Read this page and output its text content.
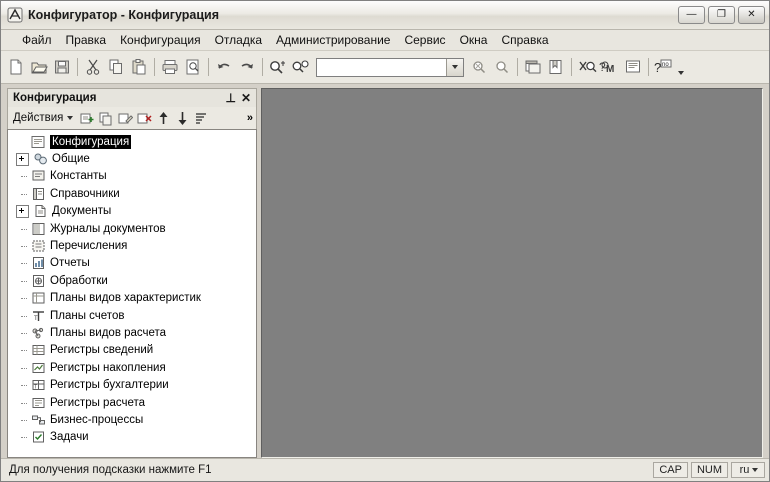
Конфигуратор - Конфигурация	—	❐	✕
Файл	Правка	Конфигурация	Отладка	Администрирование	Сервис	Окна	Справка
? M	? no
Конфигурация	⊥ ✕
Действия	»
Конфигурация
Общие
Константы
Справочники
Документы
Журналы документов
Перечисления
Отчеты
Обработки
Планы видов характеристик
T Планы счетов
Планы видов расчета
Регистры сведений
Регистры накопления
T Регистры бухгалтерии
Регистры расчета
Бизнес-процессы
Задачи
Для получения подсказки нажмите F1	CAP	NUM	ru
